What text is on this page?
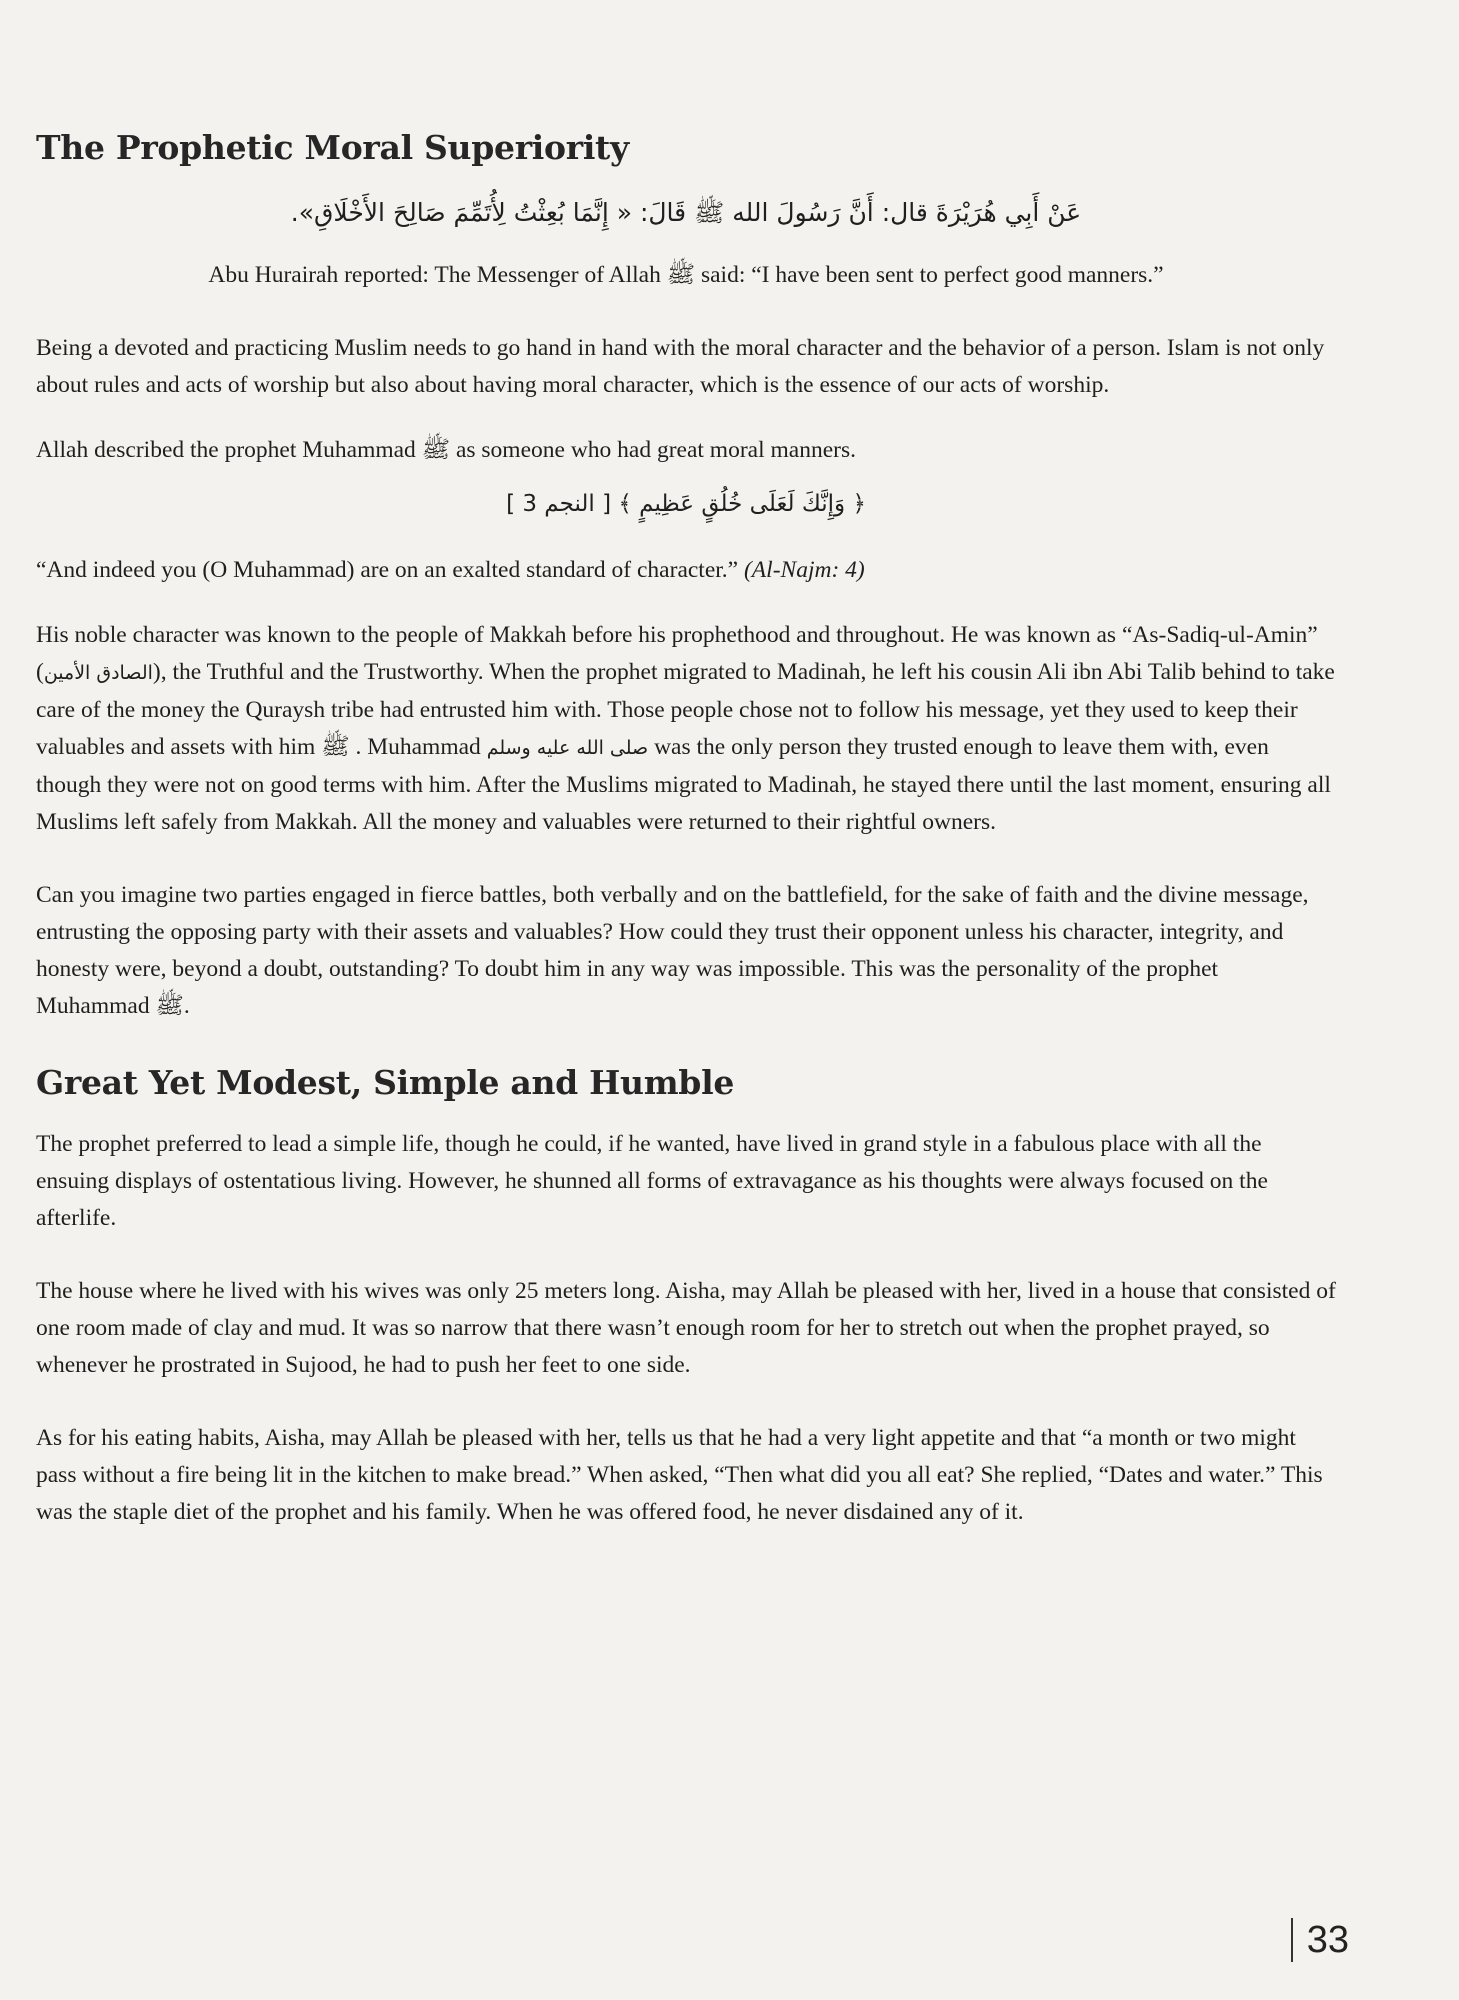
The Prophetic Moral Superiority

عَنْ أَبِي هُرَيْرَةَ قال: أَنَّ رَسُولَ الله ﷺ قَالَ: « إِنَّمَا بُعِثْتُ لِأُتَمِّمَ صَالِحَ الأَخْلَاقِ».

Abu Hurairah reported: The Messenger of Allah ﷺ said: “I have been sent to perfect good manners.”

Being a devoted and practicing Muslim needs to go hand in hand with the moral character and the behavior of a person. Islam is not only about rules and acts of worship but also about having moral character, which is the essence of our acts of worship.

Allah described the prophet Muhammad ﷺ as someone who had great moral manners.

﴿ وَإِنَّكَ لَعَلَى خُلُقٍ عَظِيمٍ ﴾ [ النجم 3 ]

“And indeed you (O Muhammad) are on an exalted standard of character.” (Al-Najm: 4)

His noble character was known to the people of Makkah before his prophethood and throughout. He was known as “As-Sadiq-ul-Amin” (الصادق الأمين), the Truthful and the Trustworthy. When the prophet migrated to Madinah, he left his cousin Ali ibn Abi Talib behind to take care of the money the Quraysh tribe had entrusted him with. Those people chose not to follow his message, yet they used to keep their valuables and assets with him ﷺ . Muhammad صلى الله عليه وسلم was the only person they trusted enough to leave them with, even though they were not on good terms with him. After the Muslims migrated to Madinah, he stayed there until the last moment, ensuring all Muslims left safely from Makkah. All the money and valuables were returned to their rightful owners.

Can you imagine two parties engaged in fierce battles, both verbally and on the battlefield, for the sake of faith and the divine message, entrusting the opposing party with their assets and valuables? How could they trust their opponent unless his character, integrity, and honesty were, beyond a doubt, outstanding? To doubt him in any way was impossible. This was the personality of the prophet Muhammad ﷺ.

Great Yet Modest, Simple and Humble

The prophet preferred to lead a simple life, though he could, if he wanted, have lived in grand style in a fabulous place with all the ensuing displays of ostentatious living. However, he shunned all forms of extravagance as his thoughts were always focused on the afterlife.

The house where he lived with his wives was only 25 meters long. Aisha, may Allah be pleased with her, lived in a house that consisted of one room made of clay and mud. It was so narrow that there wasn’t enough room for her to stretch out when the prophet prayed, so whenever he prostrated in Sujood, he had to push her feet to one side.

As for his eating habits, Aisha, may Allah be pleased with her, tells us that he had a very light appetite and that “a month or two might pass without a fire being lit in the kitchen to make bread.” When asked, “Then what did you all eat? She replied, “Dates and water.” This was the staple diet of the prophet and his family. When he was offered food, he never disdained any of it.

33
